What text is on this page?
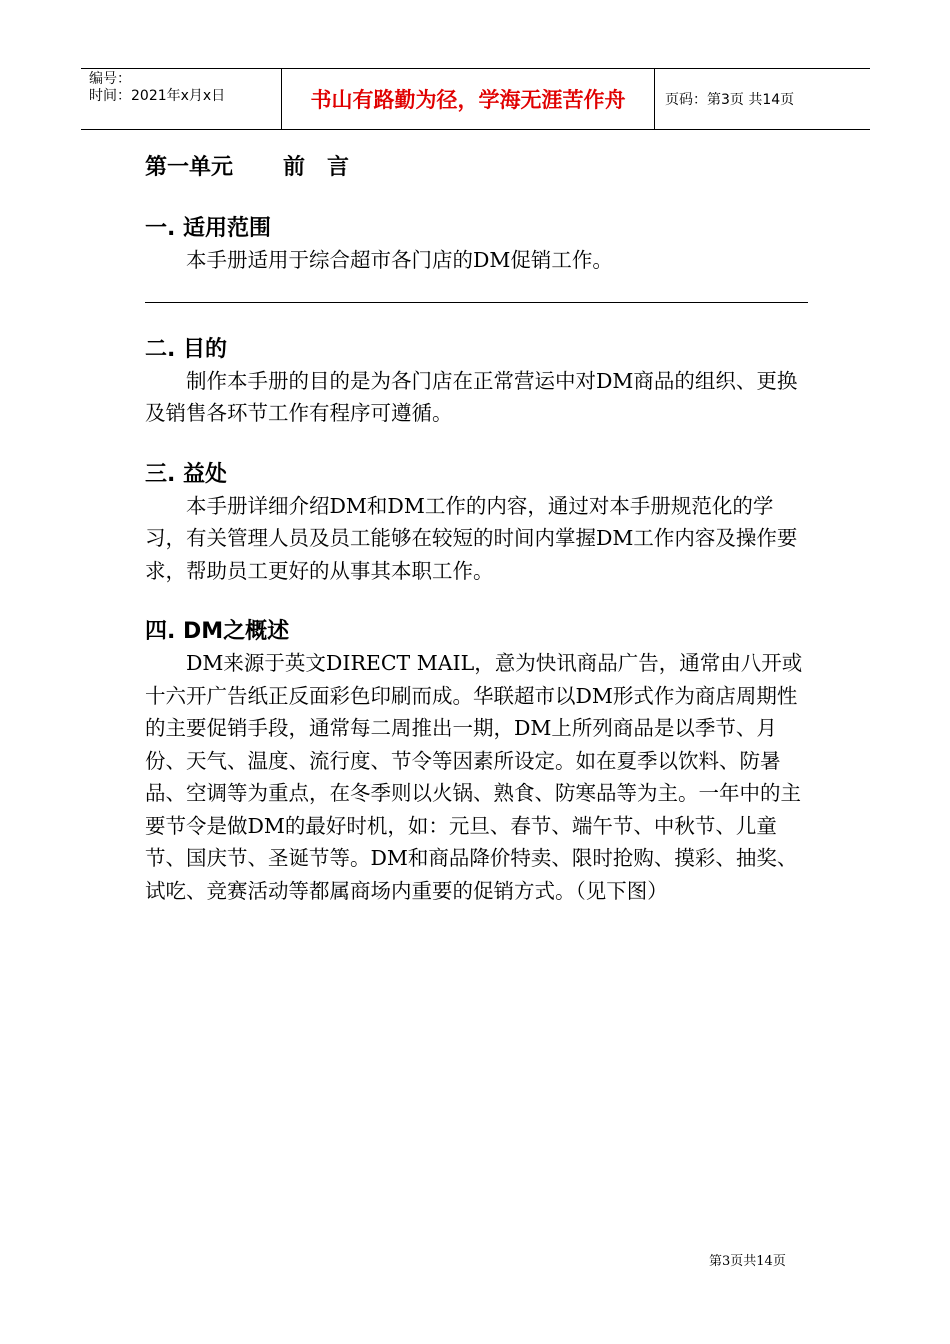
编号：
时间：2021年x月x日	书山有路勤为径，学海无涯苦作舟	页码：第3页 共14页
第一单元 前　言
一. 适用范围

本手册适用于综合超市各门店的DM促销工作。

二. 目的

制作本手册的目的是为各门店在正常营运中对DM商品的组织、更换及销售各环节工作有程序可遵循。

三. 益处

本手册详细介绍DM和DM工作的内容，通过对本手册规范化的学习，有关管理人员及员工能够在较短的时间内掌握DM工作内容及操作要求，帮助员工更好的从事其本职工作。

四. DM之概述

DM来源于英文DIRECT MAIL，意为快讯商品广告，通常由八开或十六开广告纸正反面彩色印刷而成。华联超市以DM形式作为商店周期性的主要促销手段，通常每二周推出一期，DM上所列商品是以季节、月份、天气、温度、流行度、节令等因素所设定。如在夏季以饮料、防暑品、空调等为重点，在冬季则以火锅、熟食、防寒品等为主。一年中的主要节令是做DM的最好时机，如：元旦、春节、端午节、中秋节、儿童节、国庆节、圣诞节等。DM和商品降价特卖、限时抢购、摸彩、抽奖、试吃、竞赛活动等都属商场内重要的促销方式。（见下图）

第3页共14页
